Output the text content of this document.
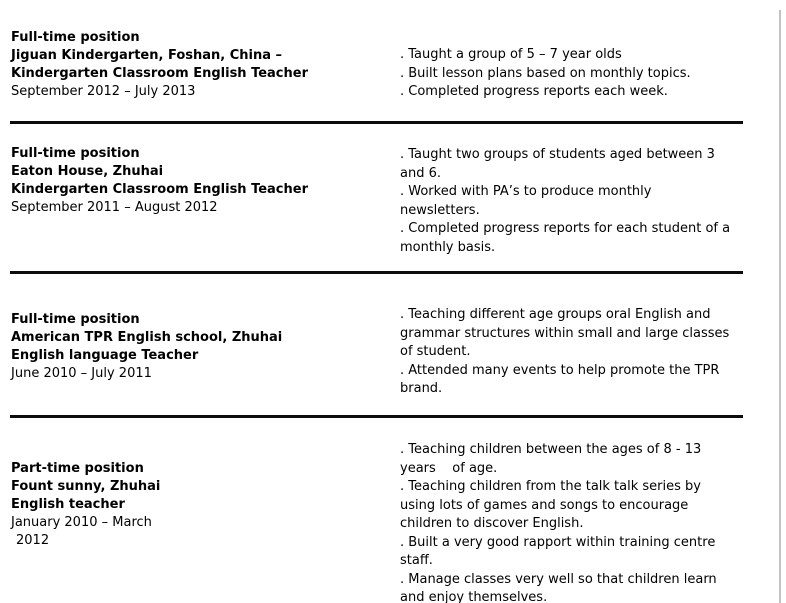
Full-time position
Jiguan Kindergarten, Foshan, China –
Kindergarten Classroom English Teacher
September 2012 – July 2013
. Taught a group of 5 – 7 year olds
. Built lesson plans based on monthly topics.
. Completed progress reports each week.
Full-time position
Eaton House, Zhuhai
Kindergarten Classroom English Teacher
September 2011 – August 2012
. Taught two groups of students aged between 3
and 6.
. Worked with PA’s to produce monthly
newsletters.
. Completed progress reports for each student of a
monthly basis.
Full-time position
American TPR English school, Zhuhai
English language Teacher
June 2010 – July 2011
. Teaching different age groups oral English and
grammar structures within small and large classes
of student.
. Attended many events to help promote the TPR
brand.
Part-time position
Fount sunny, Zhuhai
English teacher
January 2010 – March
2012
. Teaching children between the ages of 8 - 13
years    of age.
. Teaching children from the talk talk series by
using lots of games and songs to encourage
children to discover English.
. Built a very good rapport within training centre
staff.
. Manage classes very well so that children learn
and enjoy themselves.
